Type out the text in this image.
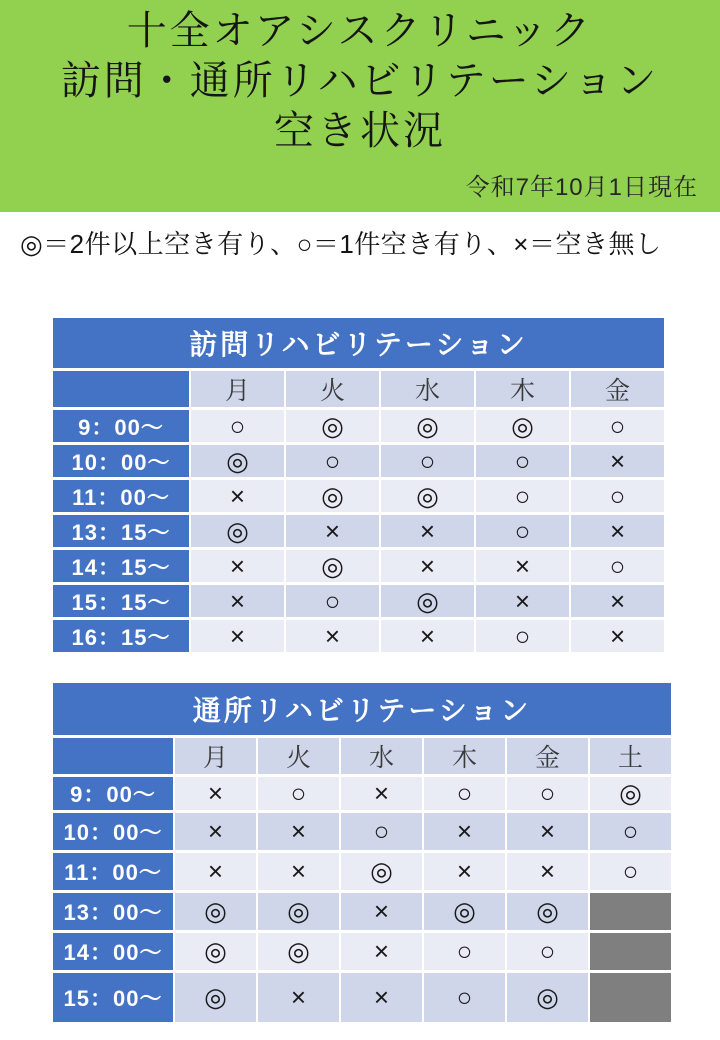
十全オアシスクリニック
訪問・通所リハビリテーション
空き状況
令和7年10月1日現在
◎＝2件以上空き有り、○＝1件空き有り、×＝空き無し
訪問リハビリテーション					
	月	火	水	木	金
9：00～	○	◎	◎	◎	○
10：00～	◎	○	○	○	×
11：00～	×	◎	◎	○	○
13：15～	◎	×	×	○	×
14：15～	×	◎	×	×	○
15：15～	×	○	◎	×	×
16：15～	×	×	×	○	×
通所リハビリテーション						
	月	火	水	木	金	土
9：00～	×	○	×	○	○	◎
10：00～	×	×	○	×	×	○
11：00～	×	×	◎	×	×	○
13：00～	◎	◎	×	◎	◎	
14：00～	◎	◎	×	○	○	
15：00～	◎	×	×	○	◎	
